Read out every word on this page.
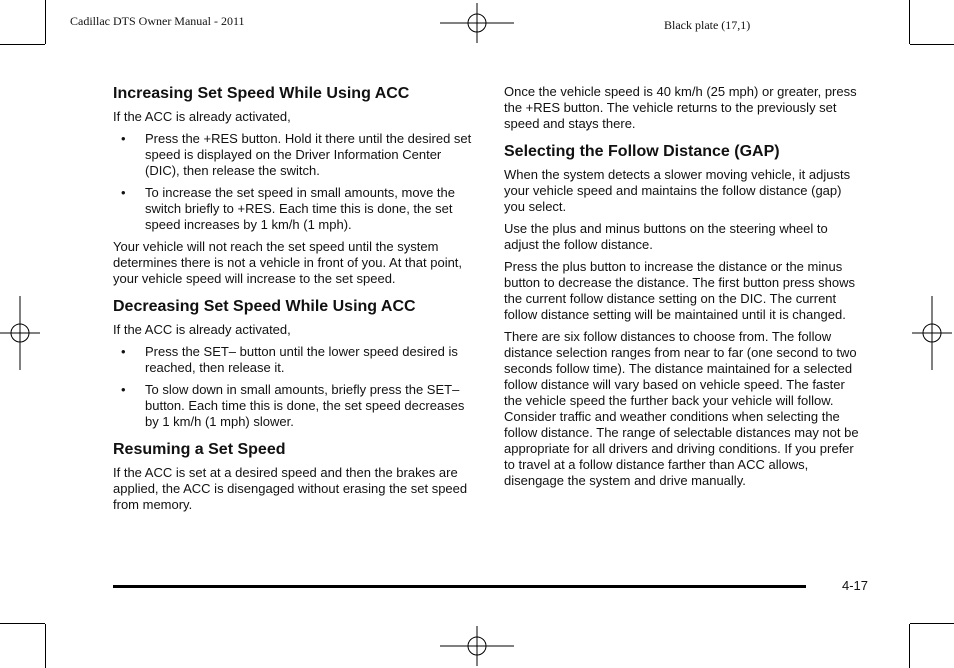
Cadillac DTS Owner Manual - 2011	Black plate (17,1)
Increasing Set Speed While Using ACC

If the ACC is already activated,

• Press the +RES button. Hold it there until the desired set speed is displayed on the Driver Information Center (DIC), then release the switch.
• To increase the set speed in small amounts, move the switch briefly to +RES. Each time this is done, the set speed increases by 1 km/h (1 mph).

Your vehicle will not reach the set speed until the system determines there is not a vehicle in front of you. At that point, your vehicle speed will increase to the set speed.

Decreasing Set Speed While Using ACC

If the ACC is already activated,

• Press the SET– button until the lower speed desired is reached, then release it.
• To slow down in small amounts, briefly press the SET– button. Each time this is done, the set speed decreases by 1 km/h (1 mph) slower.
Resuming a Set Speed

If the ACC is set at a desired speed and then the brakes are applied, the ACC is disengaged without erasing the set speed from memory.

Once the vehicle speed is 40 km/h (25 mph) or greater, press the +RES button. The vehicle returns to the previously set speed and stays there.

Selecting the Follow Distance (GAP)

When the system detects a slower moving vehicle, it adjusts your vehicle speed and maintains the follow distance (gap) you select.

Use the plus and minus buttons on the steering wheel to adjust the follow distance.

Press the plus button to increase the distance or the minus button to decrease the distance. The first button press shows the current follow distance setting on the DIC. The current follow distance setting will be maintained until it is changed.

There are six follow distances to choose from. The follow distance selection ranges from near to far (one second to two seconds follow time). The distance maintained for a selected follow distance will vary based on vehicle speed. The faster the vehicle speed the further back your vehicle will follow. Consider traffic and weather conditions when selecting the follow distance. The range of selectable distances may not be appropriate for all drivers and driving conditions. If you prefer to travel at a follow distance farther than ACC allows, disengage the system and drive manually.

4-17
